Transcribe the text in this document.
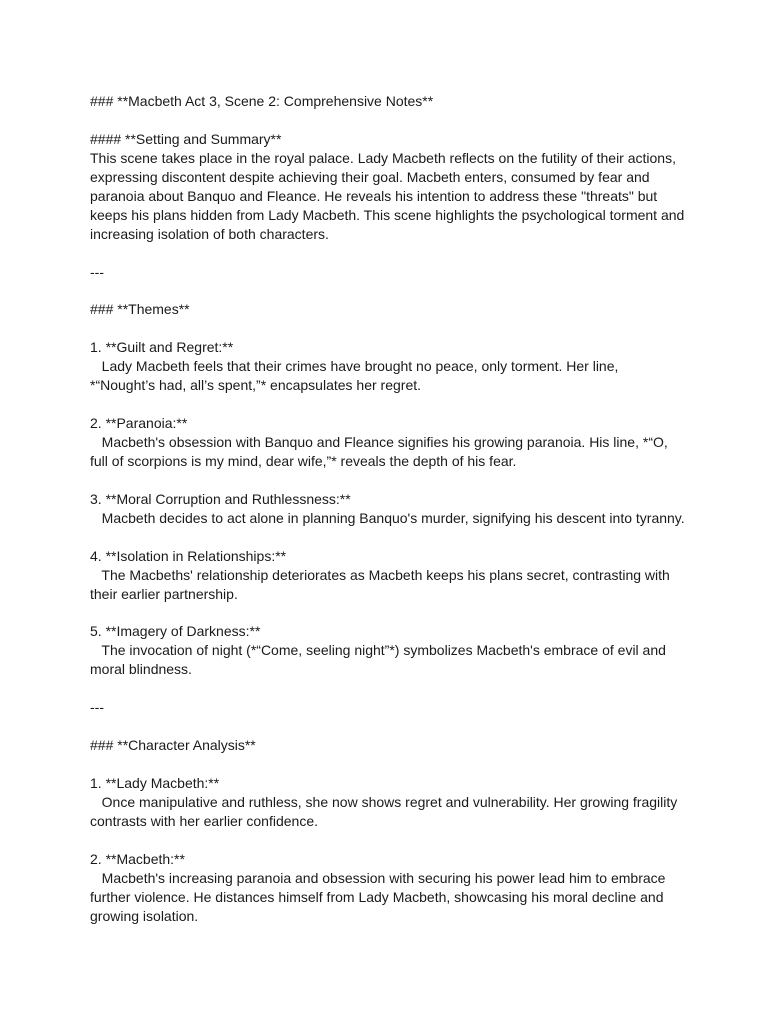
### **Macbeth Act 3, Scene 2: Comprehensive Notes**

#### **Setting and Summary**

This scene takes place in the royal palace. Lady Macbeth reflects on the futility of their actions,

expressing discontent despite achieving their goal. Macbeth enters, consumed by fear and

paranoia about Banquo and Fleance. He reveals his intention to address these "threats" but

keeps his plans hidden from Lady Macbeth. This scene highlights the psychological torment and

increasing isolation of both characters.

---

### **Themes**

1. **Guilt and Regret:**

Lady Macbeth feels that their crimes have brought no peace, only torment. Her line,

*“Nought’s had, all’s spent,”* encapsulates her regret.

2. **Paranoia:**

Macbeth's obsession with Banquo and Fleance signifies his growing paranoia. His line, *“O,

full of scorpions is my mind, dear wife,”* reveals the depth of his fear.

3. **Moral Corruption and Ruthlessness:**

Macbeth decides to act alone in planning Banquo's murder, signifying his descent into tyranny.

4. **Isolation in Relationships:**

The Macbeths' relationship deteriorates as Macbeth keeps his plans secret, contrasting with

their earlier partnership.

5. **Imagery of Darkness:**

The invocation of night (*“Come, seeling night”*) symbolizes Macbeth's embrace of evil and

moral blindness.

---

### **Character Analysis**

1. **Lady Macbeth:**

Once manipulative and ruthless, she now shows regret and vulnerability. Her growing fragility

contrasts with her earlier confidence.

2. **Macbeth:**

Macbeth's increasing paranoia and obsession with securing his power lead him to embrace

further violence. He distances himself from Lady Macbeth, showcasing his moral decline and

growing isolation.
